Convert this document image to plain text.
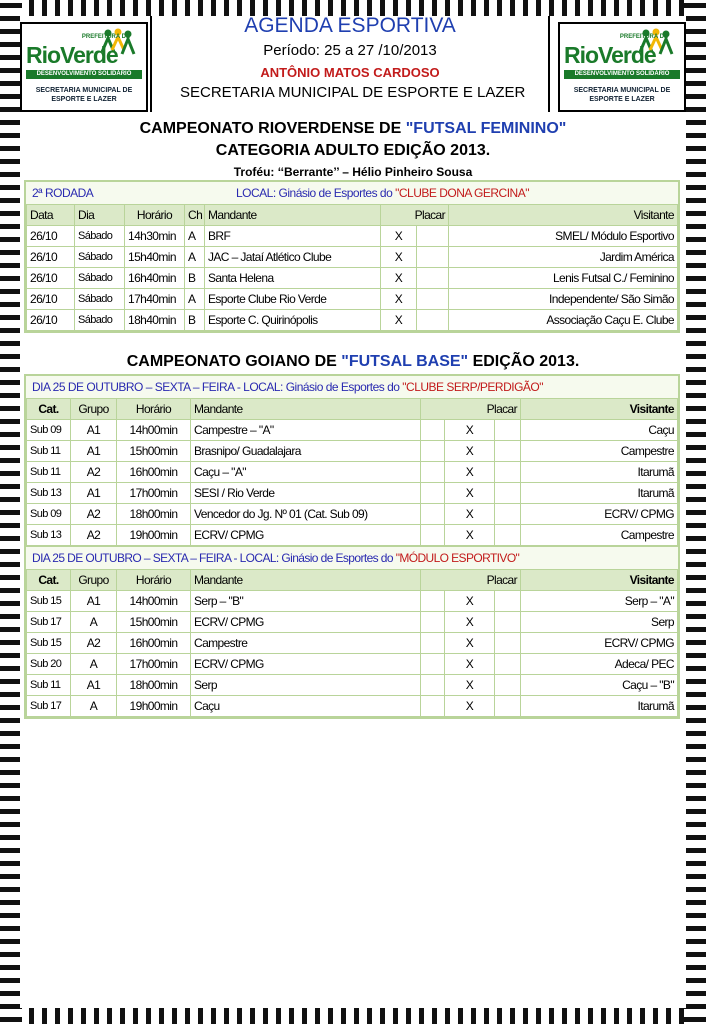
PREFEITURA DE
RioVerde
DESENVOLVIMENTO SOLIDÁRIO
SECRETARIA MUNICIPAL DE
ESPORTE E LAZER
AGENDA ESPORTIVA
Período: 25 a 27 /10/2013
ANTÔNIO MATOS CARDOSO
SECRETARIA MUNICIPAL DE ESPORTE E LAZER
PREFEITURA DE
RioVerde
DESENVOLVIMENTO SOLIDÁRIO
SECRETARIA MUNICIPAL DE
ESPORTE E LAZER
CAMPEONATO RIOVERDENSE DE "FUTSAL FEMININO"
CATEGORIA ADULTO EDIÇÃO 2013.
Troféu: ‘‘Berrante’’ – Hélio Pinheiro Sousa
2ª RODADA	LOCAL: Ginásio de Esportes do "CLUBE DONA GERCINA"
Data	Dia	Horário	Ch	Mandante	Placar		Visitante
26/10	Sábado	14h30min	A	BRF	X		SMEL/ Módulo Esportivo
26/10	Sábado	15h40min	A	JAC – Jataí Atlético Clube	X		Jardim América
26/10	Sábado	16h40min	B	Santa Helena	X		Lenis Futsal C./ Feminino
26/10	Sábado	17h40min	A	Esporte Clube Rio Verde	X		Independente/ São Simão
26/10	Sábado	18h40min	B	Esporte C. Quirinópolis	X		Associação Caçu E. Clube
CAMPEONATO GOIANO DE "FUTSAL BASE" EDIÇÃO 2013.
DIA 25 DE OUTUBRO – SEXTA – FEIRA - LOCAL: Ginásio de Esportes do "CLUBE SERP/PERDIGÃO"
Cat.	Grupo	Horário	Mandante	Placar			Visitante
Sub 09	A1	14h00min	Campestre – "A"		X		Caçu
Sub 11	A1	15h00min	Brasnipo/ Guadalajara		X		Campestre
Sub 11	A2	16h00min	Caçu – "A"		X		Itarumã
Sub 13	A1	17h00min	SESI / Rio Verde		X		Itarumã
Sub 09	A2	18h00min	Vencedor do Jg. Nº 01 (Cat. Sub 09)		X		ECRV/ CPMG
Sub 13	A2	19h00min	ECRV/ CPMG		X		Campestre
DIA 25 DE OUTUBRO – SEXTA – FEIRA - LOCAL: Ginásio de Esportes do "MÓDULO ESPORTIVO"
Cat.	Grupo	Horário	Mandante	Placar			Visitante
Sub 15	A1	14h00min	Serp – "B"		X		Serp – "A"
Sub 17	A	15h00min	ECRV/ CPMG		X		Serp
Sub 15	A2	16h00min	Campestre		X		ECRV/ CPMG
Sub 20	A	17h00min	ECRV/ CPMG		X		Adeca/ PEC
Sub 11	A1	18h00min	Serp		X		Caçu – "B"
Sub 17	A	19h00min	Caçu		X		Itarumã
